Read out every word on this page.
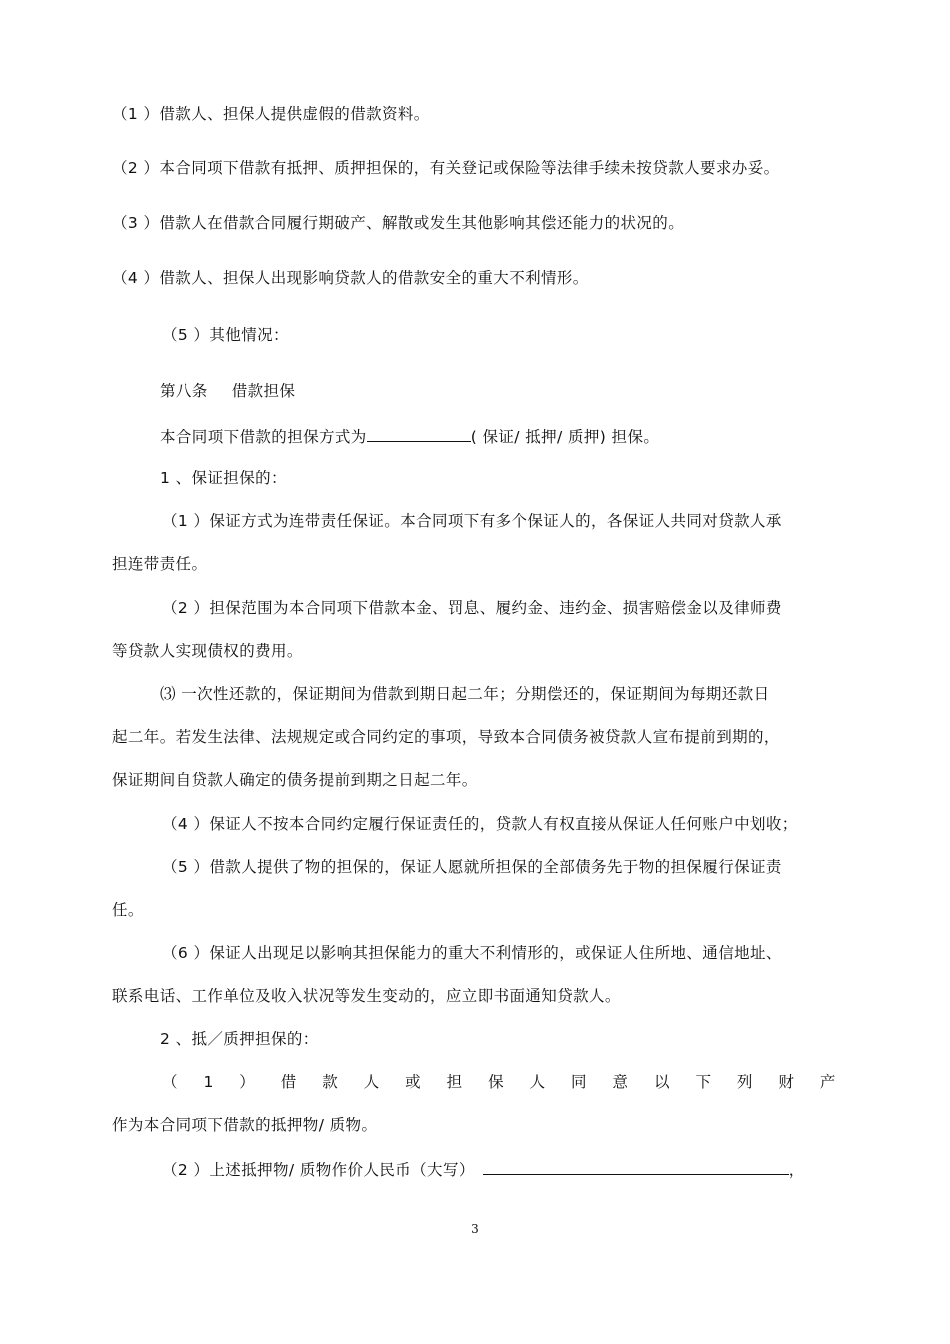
（1 ）借款人、担保人提供虚假的借款资料。
（2 ）本合同项下借款有抵押、质押担保的，有关登记或保险等法律手续未按贷款人要求办妥。
（3 ）借款人在借款合同履行期破产、解散或发生其他影响其偿还能力的状况的。
（4 ）借款人、担保人出现影响贷款人的借款安全的重大不利情形。
（5 ）其他情况：
第八条 借款担保
本合同项下借款的担保方式为	( 保证/ 抵押/ 质押) 担保。
1 、保证担保的：
（1 ）保证方式为连带责任保证。本合同项下有多个保证人的，各保证人共同对贷款人承
担连带责任。
（2 ）担保范围为本合同项下借款本金、罚息、履约金、违约金、损害赔偿金以及律师费
等贷款人实现债权的费用。
⑶ 一次性还款的，保证期间为借款到期日起二年；分期偿还的，保证期间为每期还款日
起二年。若发生法律、法规规定或合同约定的事项，导致本合同债务被贷款人宣布提前到期的，
保证期间自贷款人确定的债务提前到期之日起二年。
（4 ）保证人不按本合同约定履行保证责任的，贷款人有权直接从保证人任何账户中划收；
（5 ）借款人提供了物的担保的，保证人愿就所担保的全部债务先于物的担保履行保证责
任。
（6 ）保证人出现足以影响其担保能力的重大不利情形的，或保证人住所地、通信地址、
联系电话、工作单位及收入状况等发生变动的，应立即书面通知贷款人。
2 、抵／质押担保的：
（ 1 ） 借 款 人 或 担 保 人 同 意 以 下 列 财 产
作为本合同项下借款的抵押物/ 质物。
（2 ）上述抵押物/ 质物作价人民币（大写）	，
3
